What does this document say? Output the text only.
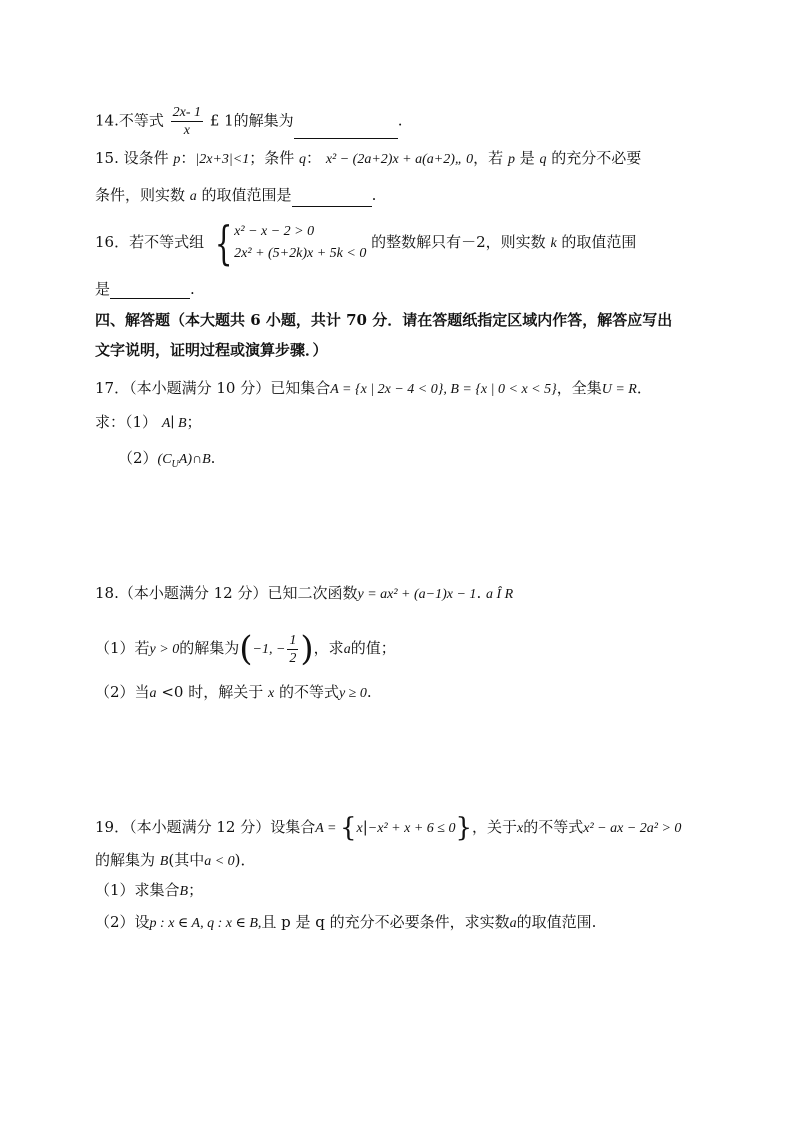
14.不等式 $\frac{2x- 1}{x}$ £ 1的解集为	.
15. 设条件 p：|2x+3|<1；条件 q： x² − (2a+2)x + a(a+2)„ 0，若 p 是 q 的充分不必要
条件，则实数 a 的取值范围是	.
16．若不等式组 { x² − x − 2 > 0
2x² + (5+2k)x + 5k < 0
的整数解只有－2，则实数 k 的取值范围
是	.
四、解答题（本大题共 6 小题，共计 70 分．请在答题纸指定区域内作答，解答应写出
文字说明，证明过程或演算步骤．）
17．（本小题满分 10 分）已知集合A = {x | 2x − 4 < 0}, B = {x | 0 < x < 5}，全集U = R．
求：（1） A∣ B；
$(2)(C_UA)\cap B$.
18.（本小题满分 12 分）已知二次函数y = ax² + (a−1)x − 1. a Î R
（1）若y > 0的解集为(−1, − $\frac{1}{2}$ )，求a的值；
（2）当a <0 时，解关于 x 的不等式y ≥ 0.
19．（本小题满分 12 分）设集合A = {x|−x² + x + 6 ≤ 0}，关于x的不等式x² − ax − 2a² > 0
的解集为 B(其中a < 0)．
（1）求集合B；
（2）设p : x ∈ A, q : x ∈ B,且 p 是 q 的充分不必要条件，求实数a的取值范围.
